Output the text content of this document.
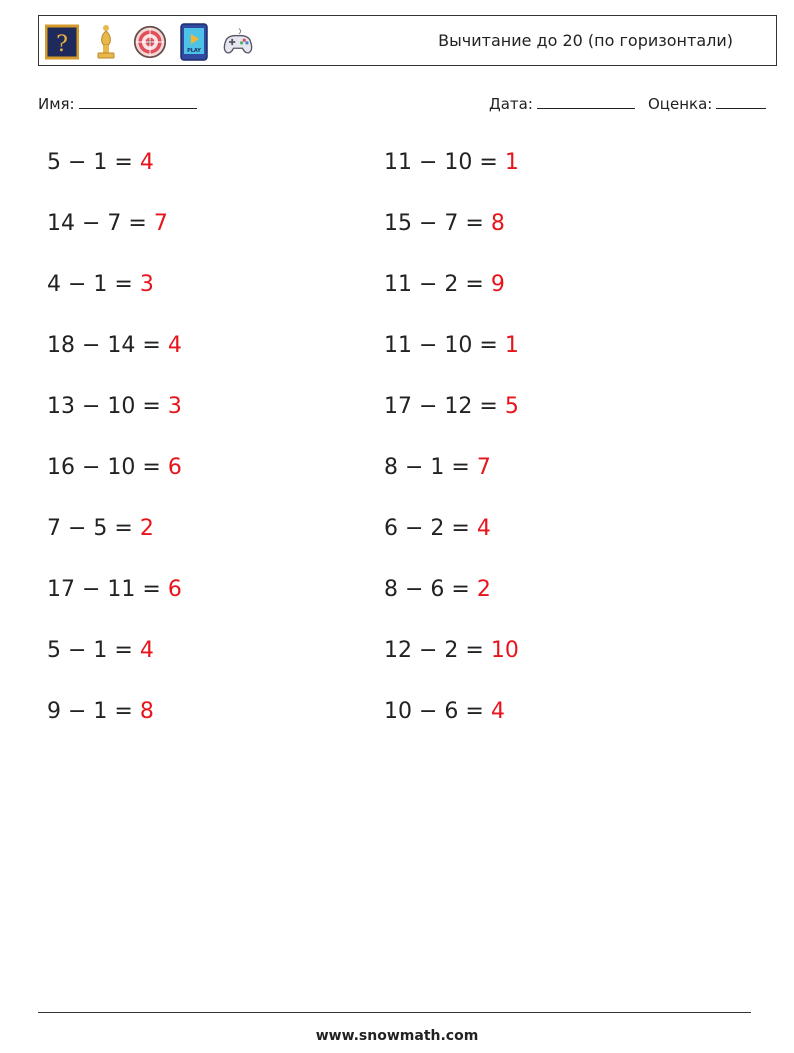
?	PLAY
Вычитание до 20 (по горизонтали)
Имя:	Дата:	Оценка:
5 − 1 = 4
14 − 7 = 7
4 − 1 = 3
18 − 14 = 4
13 − 10 = 3
16 − 10 = 6
7 − 5 = 2
17 − 11 = 6
5 − 1 = 4
9 − 1 = 8
11 − 10 = 1
15 − 7 = 8
11 − 2 = 9
11 − 10 = 1
17 − 12 = 5
8 − 1 = 7
6 − 2 = 4
8 − 6 = 2
12 − 2 = 10
10 − 6 = 4
www.snowmath.com
